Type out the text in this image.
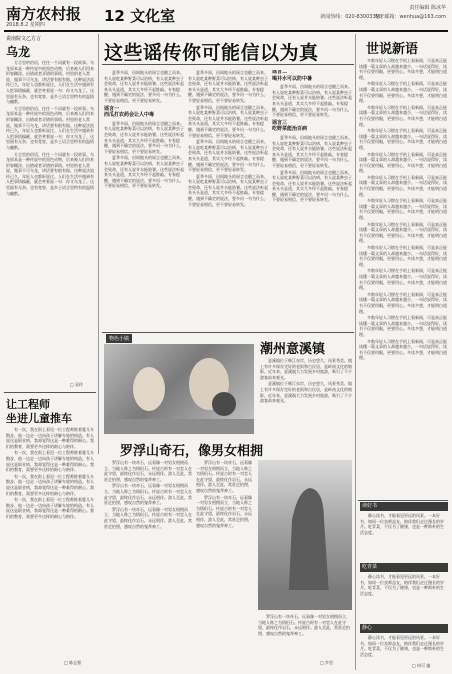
南方农村报 12 文化室
2018.8.2 星期四
责任编辑 陈冰华
新闻热线：020-83003390
电子邮箱：wenhua@163.com
说南院文乙方言
乌龙

方言里的俗语，往往一个词就有一段故事。乌龙原本是一种传说中的黑色动物，后来被人们用来形容糊涂、出错或者弄错的事情。村里的老人常说，做事不可乌龙，讲话要有根有据。这种说法流传已久，年轻人也都听说过。人们在生活中遇到有人把事情搞砸，就会笑着说一句：你又乌龙了。这里面有无奈，也有宽容，是乡土语言里特有的温情与幽默。

方言里的俗语，往往一个词就有一段故事。乌龙原本是一种传说中的黑色动物，后来被人们用来形容糊涂、出错或者弄错的事情。村里的老人常说，做事不可乌龙，讲话要有根有据。这种说法流传已久，年轻人也都听说过。人们在生活中遇到有人把事情搞砸，就会笑着说一句：你又乌龙了。这里面有无奈，也有宽容，是乡土语言里特有的温情与幽默。

方言里的俗语，往往一个词就有一段故事。乌龙原本是一种传说中的黑色动物，后来被人们用来形容糊涂、出错或者弄错的事情。村里的老人常说，做事不可乌龙，讲话要有根有据。这种说法流传已久，年轻人也都听说过。人们在生活中遇到有人把事情搞砸，就会笑着说一句：你又乌龙了。这里面有无奈，也有宽容，是乡土语言里特有的温情与幽默。

□ 袁玲
这些谣传你可能信以为真

夏季多雨，田间地头的谣言也随之而来。有人说吃某种野菜可以治病，有人说某种虫子会致命，还有人说井水能防暑。这些说法听起来头头是道，其实大多经不起推敲。专家提醒，遇到不确定的说法，要多问一句为什么，不要轻易相信，更不要轻易转发。

谣言一
西瓜打农药会让人中毒

夏季多雨，田间地头的谣言也随之而来。有人说吃某种野菜可以治病，有人说某种虫子会致命，还有人说井水能防暑。这些说法听起来头头是道，其实大多经不起推敲。专家提醒，遇到不确定的说法，要多问一句为什么，不要轻易相信，更不要轻易转发。

夏季多雨，田间地头的谣言也随之而来。有人说吃某种野菜可以治病，有人说某种虫子会致命，还有人说井水能防暑。这些说法听起来头头是道，其实大多经不起推敲。专家提醒，遇到不确定的说法，要多问一句为什么，不要轻易相信，更不要轻易转发。

夏季多雨，田间地头的谣言也随之而来。有人说吃某种野菜可以治病，有人说某种虫子会致命，还有人说井水能防暑。这些说法听起来头头是道，其实大多经不起推敲。专家提醒，遇到不确定的说法，要多问一句为什么，不要轻易相信，更不要轻易转发。

夏季多雨，田间地头的谣言也随之而来。有人说吃某种野菜可以治病，有人说某种虫子会致命，还有人说井水能防暑。这些说法听起来头头是道，其实大多经不起推敲。专家提醒，遇到不确定的说法，要多问一句为什么，不要轻易相信，更不要轻易转发。

夏季多雨，田间地头的谣言也随之而来。有人说吃某种野菜可以治病，有人说某种虫子会致命，还有人说井水能防暑。这些说法听起来头头是道，其实大多经不起推敲。专家提醒，遇到不确定的说法，要多问一句为什么，不要轻易相信，更不要轻易转发。

夏季多雨，田间地头的谣言也随之而来。有人说吃某种野菜可以治病，有人说某种虫子会致命，还有人说井水能防暑。这些说法听起来头头是道，其实大多经不起推敲。专家提醒，遇到不确定的说法，要多问一句为什么，不要轻易相信，更不要轻易转发。

谣言二
喝井水可以防中暑

夏季多雨，田间地头的谣言也随之而来。有人说吃某种野菜可以治病，有人说某种虫子会致命，还有人说井水能防暑。这些说法听起来头头是道，其实大多经不起推敲。专家提醒，遇到不确定的说法，要多问一句为什么，不要轻易相信，更不要轻易转发。

谣言三
吃野菜能治百病

夏季多雨，田间地头的谣言也随之而来。有人说吃某种野菜可以治病，有人说某种虫子会致命，还有人说井水能防暑。这些说法听起来头头是道，其实大多经不起推敲。专家提醒，遇到不确定的说法，要多问一句为什么，不要轻易相信，更不要轻易转发。

夏季多雨，田间地头的谣言也随之而来。有人说吃某种野菜可以治病，有人说某种虫子会致命，还有人说井水能防暑。这些说法听起来头头是道，其实大多经不起推敲。专家提醒，遇到不确定的说法，要多问一句为什么，不要轻易相信，更不要轻易转发。

世说新语

多数年轻人习惯在手机上看新闻，可是真正能读懂一篇文章的人却越来越少。一句话说得好，读书不仅要用眼，更要用心。多读多想，才能明白道理。

多数年轻人习惯在手机上看新闻，可是真正能读懂一篇文章的人却越来越少。一句话说得好，读书不仅要用眼，更要用心。多读多想，才能明白道理。

多数年轻人习惯在手机上看新闻，可是真正能读懂一篇文章的人却越来越少。一句话说得好，读书不仅要用眼，更要用心。多读多想，才能明白道理。

多数年轻人习惯在手机上看新闻，可是真正能读懂一篇文章的人却越来越少。一句话说得好，读书不仅要用眼，更要用心。多读多想，才能明白道理。

多数年轻人习惯在手机上看新闻，可是真正能读懂一篇文章的人却越来越少。一句话说得好，读书不仅要用眼，更要用心。多读多想，才能明白道理。

多数年轻人习惯在手机上看新闻，可是真正能读懂一篇文章的人却越来越少。一句话说得好，读书不仅要用眼，更要用心。多读多想，才能明白道理。

多数年轻人习惯在手机上看新闻，可是真正能读懂一篇文章的人却越来越少。一句话说得好，读书不仅要用眼，更要用心。多读多想，才能明白道理。

多数年轻人习惯在手机上看新闻，可是真正能读懂一篇文章的人却越来越少。一句话说得好，读书不仅要用眼，更要用心。多读多想，才能明白道理。

多数年轻人习惯在手机上看新闻，可是真正能读懂一篇文章的人却越来越少。一句话说得好，读书不仅要用眼，更要用心。多读多想，才能明白道理。

多数年轻人习惯在手机上看新闻，可是真正能读懂一篇文章的人却越来越少。一句话说得好，读书不仅要用眼，更要用心。多读多想，才能明白道理。

多数年轻人习惯在手机上看新闻，可是真正能读懂一篇文章的人却越来越少。一句话说得好，读书不仅要用眼，更要用心。多读多想，才能明白道理。

多数年轻人习惯在手机上看新闻，可是真正能读懂一篇文章的人却越来越少。一句话说得好，读书不仅要用眼，更要用心。多读多想，才能明白道理。

多数年轻人习惯在手机上看新闻，可是真正能读懂一篇文章的人却越来越少。一句话说得好，读书不仅要用眼，更要用心。多读多想，才能明白道理。

读好书

静心读书，才能看见更远的风景。一本好书，如同一位良师益友，陪伴我们走过漫长的岁月。吃青菜，不仅为了健康，也是一种简朴的生活态度。

吃青菜

静心读书，才能看见更远的风景。一本好书，如同一位良师益友，陪伴我们走过漫长的岁月。吃青菜，不仅为了健康，也是一种简朴的生活态度。

静心

静心读书，才能看见更远的风景。一本好书，如同一位良师益友，陪伴我们走过漫长的岁月。吃青菜，不仅为了健康，也是一种简朴的生活态度。

□ 何可 编
让工程师
坐进儿童推车

有一次，我在街上看见一位工程师推着婴儿车散步，他一边走一边向孩子讲解车轮的构造。有人说这是职业病，我却觉得这是一种难得的耐心。我们的教育，需要更多这样的耐心与陪伴。

有一次，我在街上看见一位工程师推着婴儿车散步，他一边走一边向孩子讲解车轮的构造。有人说这是职业病，我却觉得这是一种难得的耐心。我们的教育，需要更多这样的耐心与陪伴。

有一次，我在街上看见一位工程师推着婴儿车散步，他一边走一边向孩子讲解车轮的构造。有人说这是职业病，我却觉得这是一种难得的耐心。我们的教育，需要更多这样的耐心与陪伴。

有一次，我在街上看见一位工程师推着婴儿车散步，他一边走一边向孩子讲解车轮的构造。有人说这是职业病，我却觉得这是一种难得的耐心。我们的教育，需要更多这样的耐心与陪伴。

□ 陈志强
物色小镇
潮州意溪镇

意溪镇位于韩江东岸，历史悠久，风景秀美。镇上有许多保存完好的老街和古民居，是岭南文化的缩影。近年来，意溪镇大力发展乡村旅游，吸引了不少游客前来观光。

意溪镇位于韩江东岸，历史悠久，风景秀美。镇上有许多保存完好的老街和古民居，是岭南文化的缩影。近年来，意溪镇大力发展乡村旅游，吸引了不少游客前来观光。

罗浮山奇石，像男女相拥

罗浮山有一块奇石，远看像一对男女相拥而立，当地人称之为情侣石。传说古时有一对恋人在此守望，最终化作岩石，永远相伴。游人至此，常驻足拍照，感叹自然的鬼斧神工。

罗浮山有一块奇石，远看像一对男女相拥而立，当地人称之为情侣石。传说古时有一对恋人在此守望，最终化作岩石，永远相伴。游人至此，常驻足拍照，感叹自然的鬼斧神工。

罗浮山有一块奇石，远看像一对男女相拥而立，当地人称之为情侣石。传说古时有一对恋人在此守望，最终化作岩石，永远相伴。游人至此，常驻足拍照，感叹自然的鬼斧神工。

罗浮山有一块奇石，远看像一对男女相拥而立，当地人称之为情侣石。传说古时有一对恋人在此守望，最终化作岩石，永远相伴。游人至此，常驻足拍照，感叹自然的鬼斧神工。

罗浮山有一块奇石，远看像一对男女相拥而立，当地人称之为情侣石。传说古时有一对恋人在此守望，最终化作岩石，永远相伴。游人至此，常驻足拍照，感叹自然的鬼斧神工。

罗浮山有一块奇石，远看像一对男女相拥而立，当地人称之为情侣石。传说古时有一对恋人在此守望，最终化作岩石，永远相伴。游人至此，常驻足拍照，感叹自然的鬼斧神工。

□ 乡里
